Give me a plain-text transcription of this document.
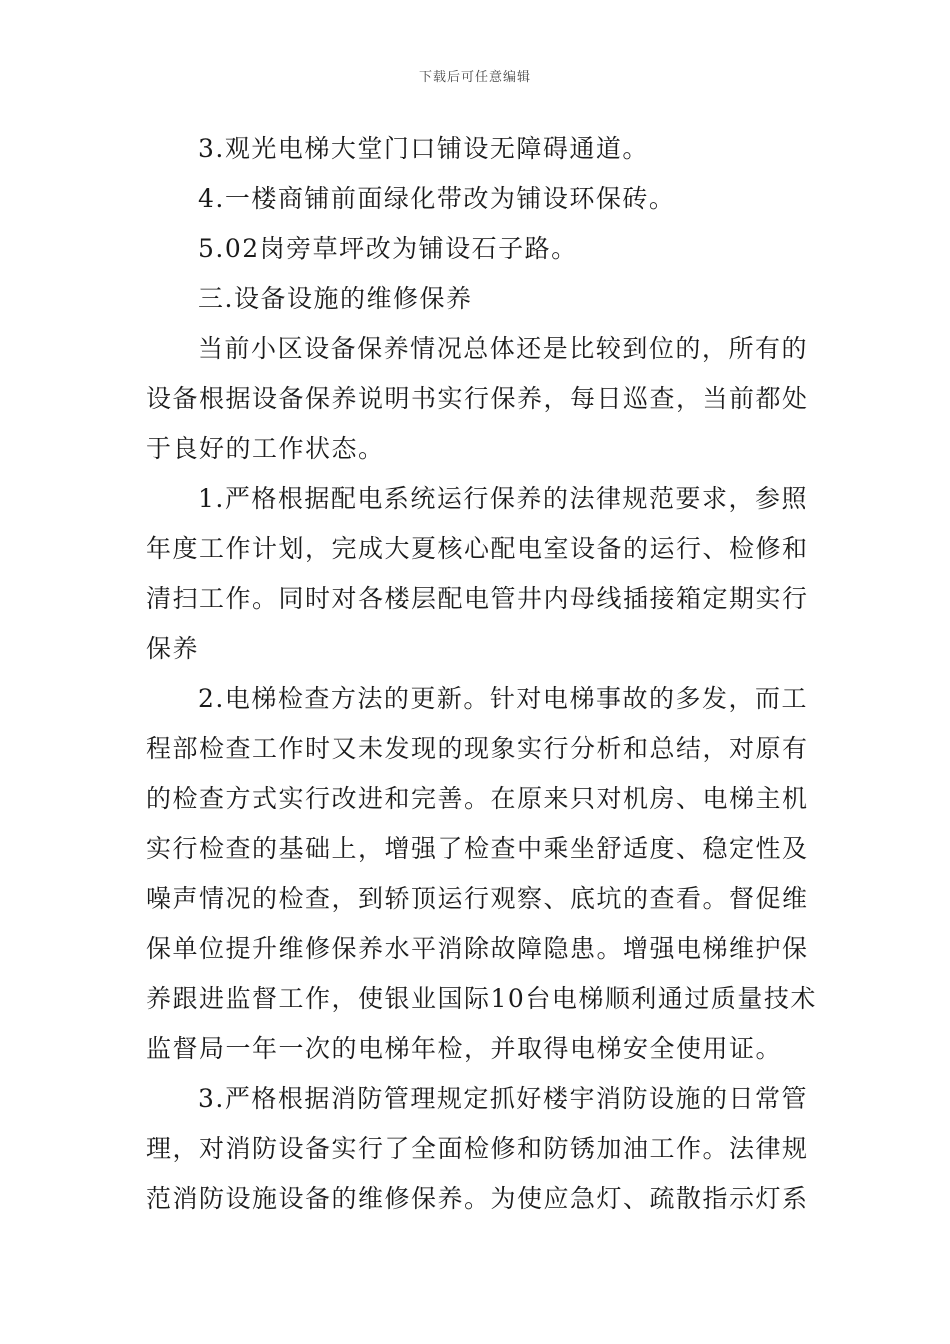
下载后可任意编辑
3.观光电梯大堂门口铺设无障碍通道。
4.一楼商铺前面绿化带改为铺设环保砖。
5.02岗旁草坪改为铺设石子路。
三.设备设施的维修保养
当前小区设备保养情况总体还是比较到位的，所有的
设备根据设备保养说明书实行保养，每日巡查，当前都处
于良好的工作状态。
1.严格根据配电系统运行保养的法律规范要求，参照
年度工作计划，完成大夏核心配电室设备的运行、检修和
清扫工作。同时对各楼层配电管井内母线插接箱定期实行
保养
2.电梯检查方法的更新。针对电梯事故的多发，而工
程部检查工作时又未发现的现象实行分析和总结，对原有
的检查方式实行改进和完善。在原来只对机房、电梯主机
实行检查的基础上，增强了检查中乘坐舒适度、稳定性及
噪声情况的检查，到轿顶运行观察、底坑的查看。督促维
保单位提升维修保养水平消除故障隐患。增强电梯维护保
养跟进监督工作，使银业国际10台电梯顺利通过质量技术
监督局一年一次的电梯年检，并取得电梯安全使用证。
3.严格根据消防管理规定抓好楼宇消防设施的日常管
理，对消防设备实行了全面检修和防锈加油工作。法律规
范消防设施设备的维修保养。为使应急灯、疏散指示灯系
